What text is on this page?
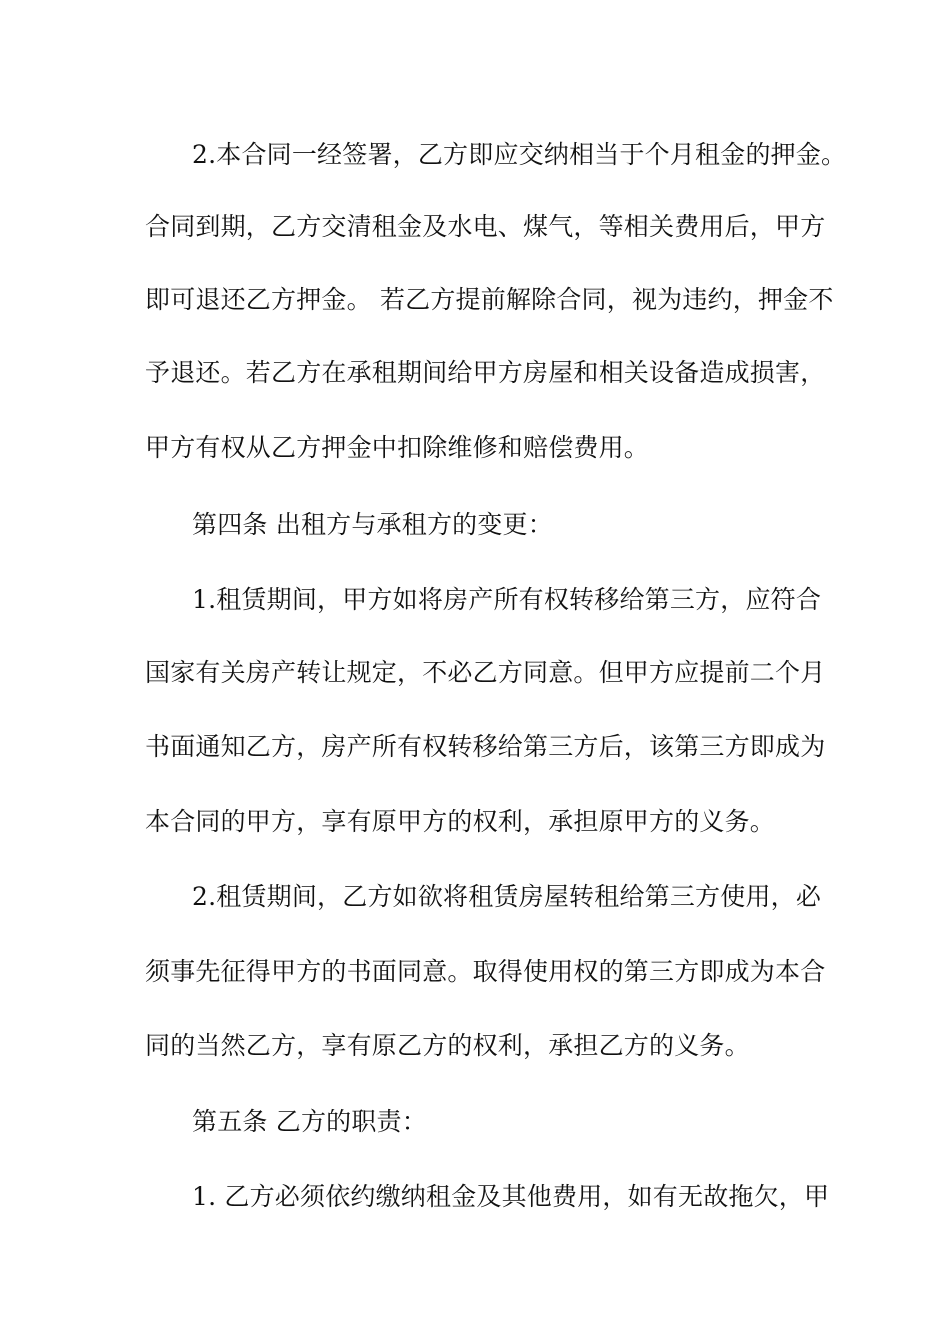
2.本合同一经签署，乙方即应交纳相当于个月租金的押金。
合同到期，乙方交清租金及水电、煤气，等相关费用后，甲方
即可退还乙方押金。 若乙方提前解除合同，视为违约，押金不
予退还。若乙方在承租期间给甲方房屋和相关设备造成损害，
甲方有权从乙方押金中扣除维修和赔偿费用。
第四条 出租方与承租方的变更：
1.租赁期间，甲方如将房产所有权转移给第三方，应符合
国家有关房产转让规定，不必乙方同意。但甲方应提前二个月
书面通知乙方，房产所有权转移给第三方后，该第三方即成为
本合同的甲方，享有原甲方的权利，承担原甲方的义务。
2.租赁期间，乙方如欲将租赁房屋转租给第三方使用，必
须事先征得甲方的书面同意。取得使用权的第三方即成为本合
同的当然乙方，享有原乙方的权利，承担乙方的义务。
第五条 乙方的职责：
1. 乙方必须依约缴纳租金及其他费用，如有无故拖欠，甲
